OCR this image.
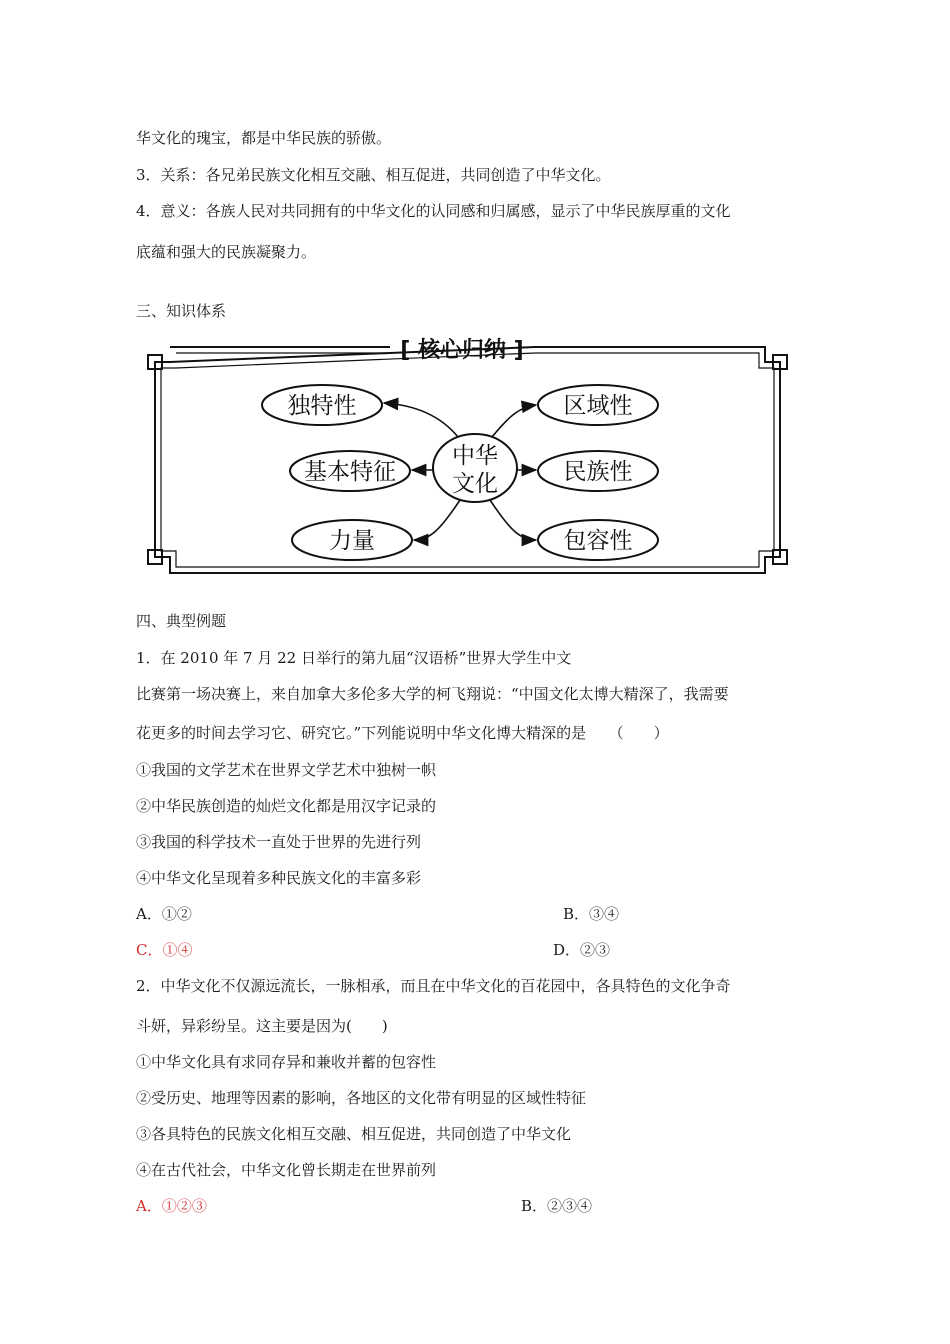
华文化的瑰宝，都是中华民族的骄傲。
3．关系：各兄弟民族文化相互交融、相互促进，共同创造了中华文化。
4．意义：各族人民对共同拥有的中华文化的认同感和归属感，显示了中华民族厚重的文化
底蕴和强大的民族凝聚力。
三、知识体系
[ 核心归纳 ]
中华
文化
独特性
基本特征
力量
区域性
民族性
包容性
四、典型例题
1．在 2010 年 7 月 22 日举行的第九届“汉语桥”世界大学生中文
比赛第一场决赛上，来自加拿大多伦多大学的柯飞翔说：“中国文化太博大精深了，我需要
花更多的时间去学习它、研究它。”下列能说明中华文化博大精深的是　　（　　）
①我国的文学艺术在世界文学艺术中独树一帜
②中华民族创造的灿烂文化都是用汉字记录的
③我国的科学技术一直处于世界的先进行列
④中华文化呈现着多种民族文化的丰富多彩
A．①②	B．③④
C．①④	D．②③
2．中华文化不仅源远流长，一脉相承，而且在中华文化的百花园中，各具特色的文化争奇
斗妍，异彩纷呈。这主要是因为(　　)
①中华文化具有求同存异和兼收并蓄的包容性
②受历史、地理等因素的影响，各地区的文化带有明显的区域性特征
③各具特色的民族文化相互交融、相互促进，共同创造了中华文化
④在古代社会，中华文化曾长期走在世界前列
A．①②③	B．②③④
